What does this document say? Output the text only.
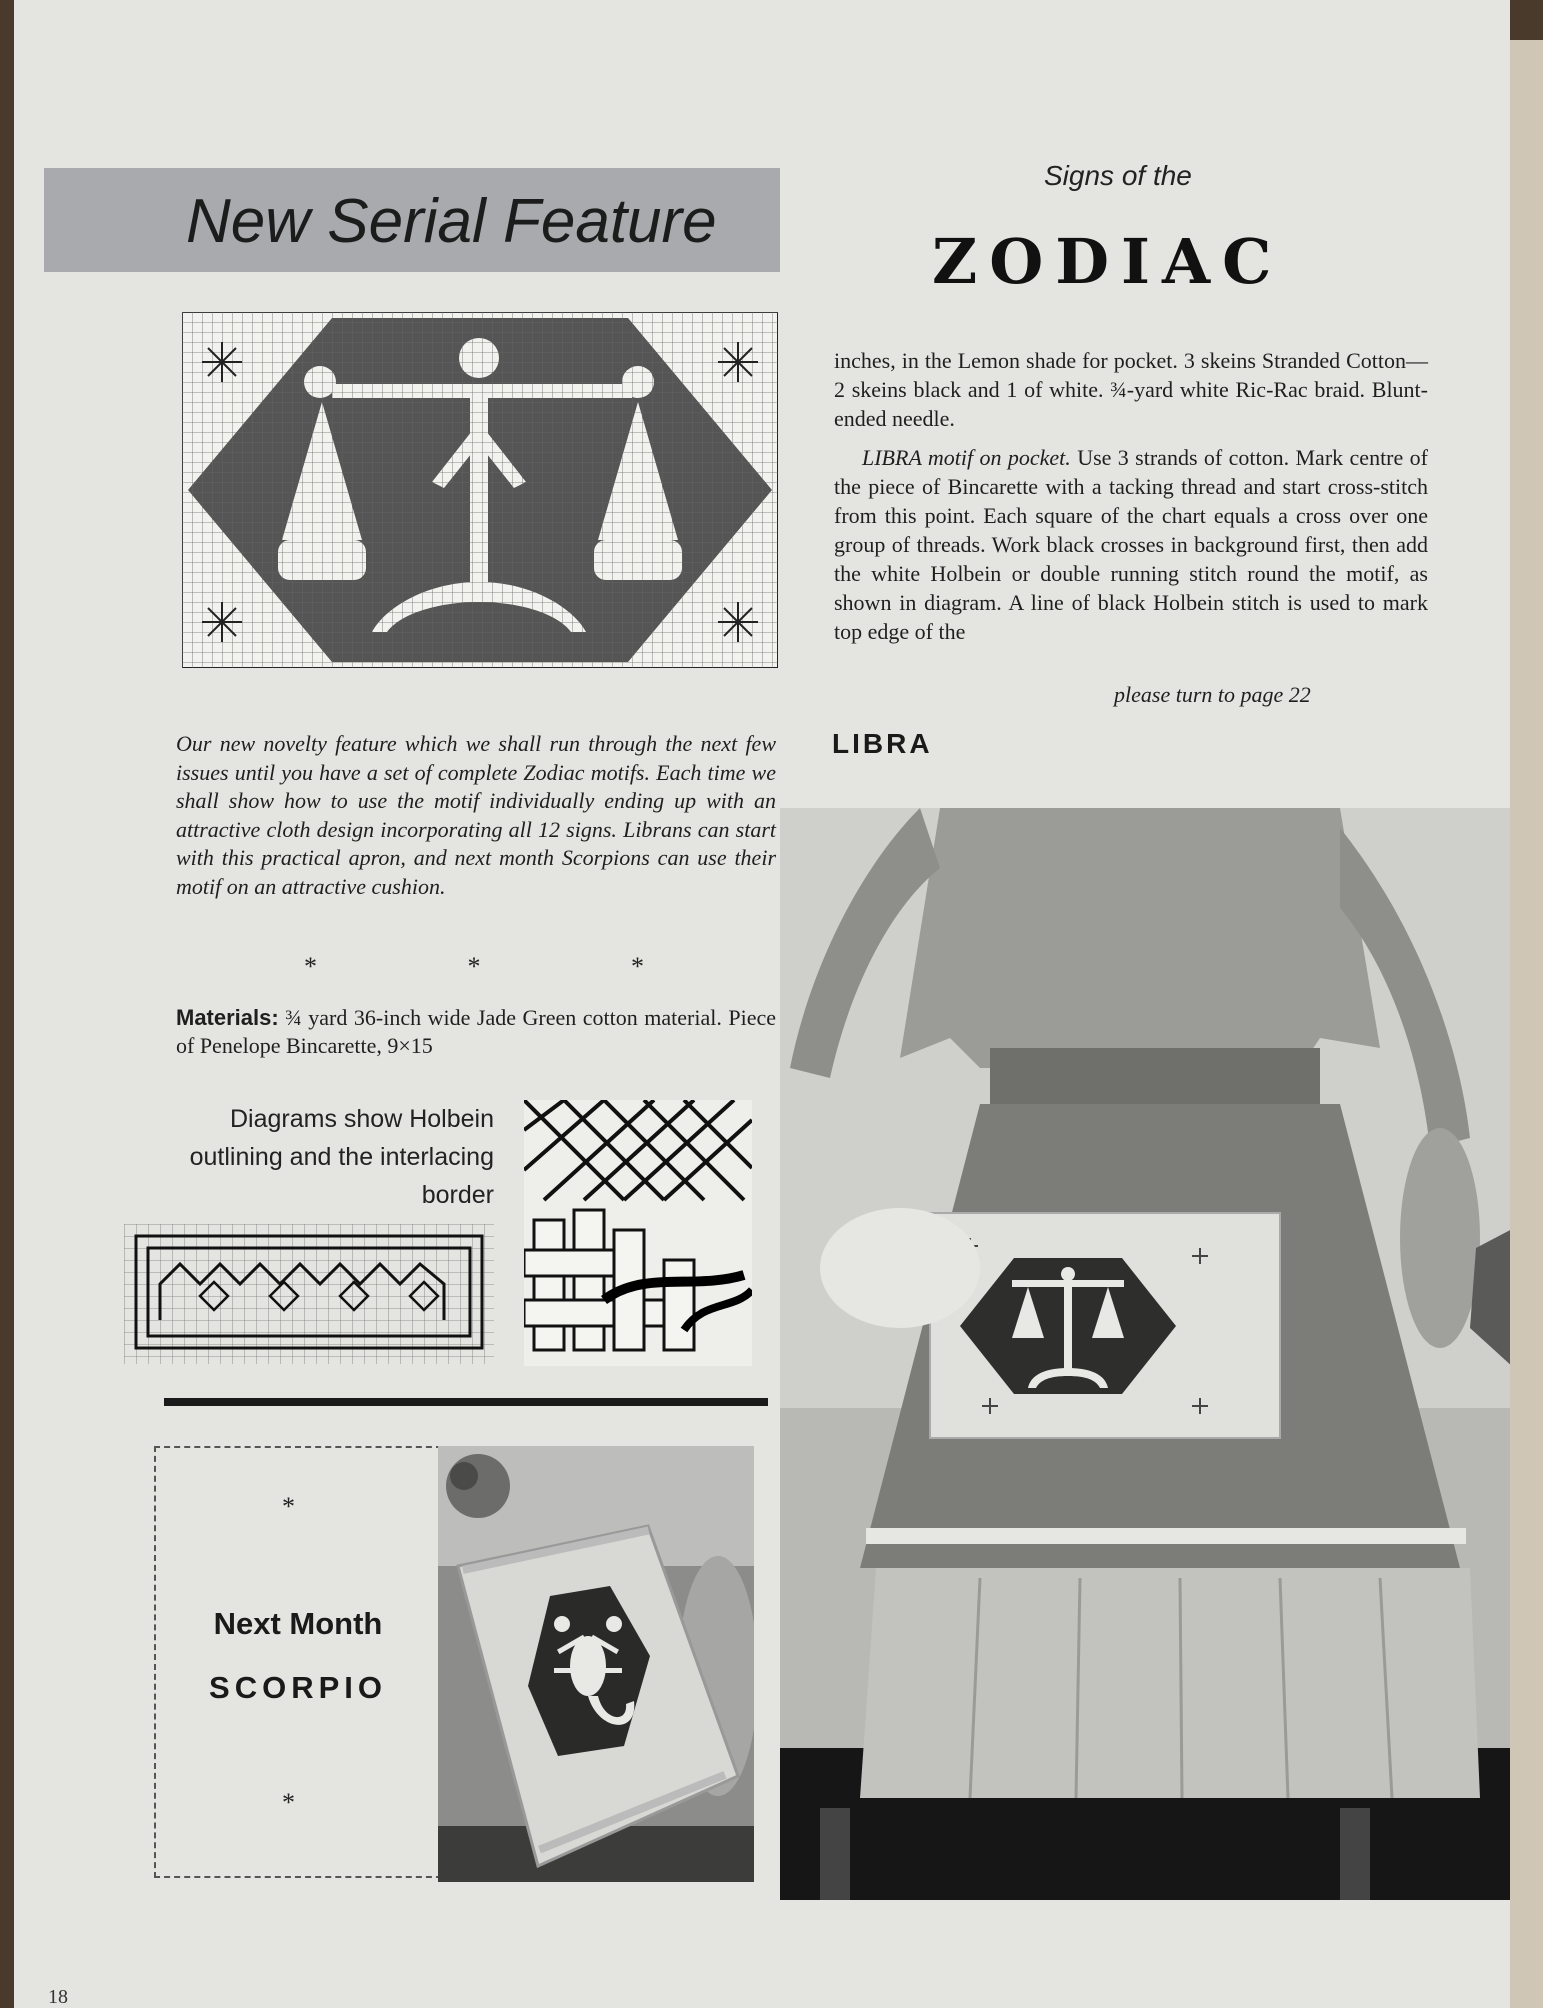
New Serial Feature
Signs of the
ZODIAC

inches, in the Lemon shade for pocket. 3 skeins Stranded Cotton—2 skeins black and 1 of white. ¾-yard white Ric-Rac braid. Blunt-ended needle.

LIBRA motif on pocket. Use 3 strands of cotton. Mark centre of the piece of Bincarette with a tacking thread and start cross-stitch from this point. Each square of the chart equals a cross over one group of threads. Work black crosses in background first, then add the white Holbein or double running stitch round the motif, as shown in diagram. A line of black Holbein stitch is used to mark top edge of the

please turn to page 22
LIBRA
Our new novelty feature which we shall run through the next few issues until you have a set of complete Zodiac motifs. Each time we shall show how to use the motif individually ending up with an attractive cloth design incorporating all 12 signs. Librans can start with this practical apron, and next month Scorpions can use their motif on an attractive cushion.
*	*	*
Materials: ¾ yard 36-inch wide Jade Green cotton material. Piece of Penelope Bincarette, 9×15
Diagrams show Holbein outlining and the interlacing border
*
Next Month
SCORPIO
*
18
